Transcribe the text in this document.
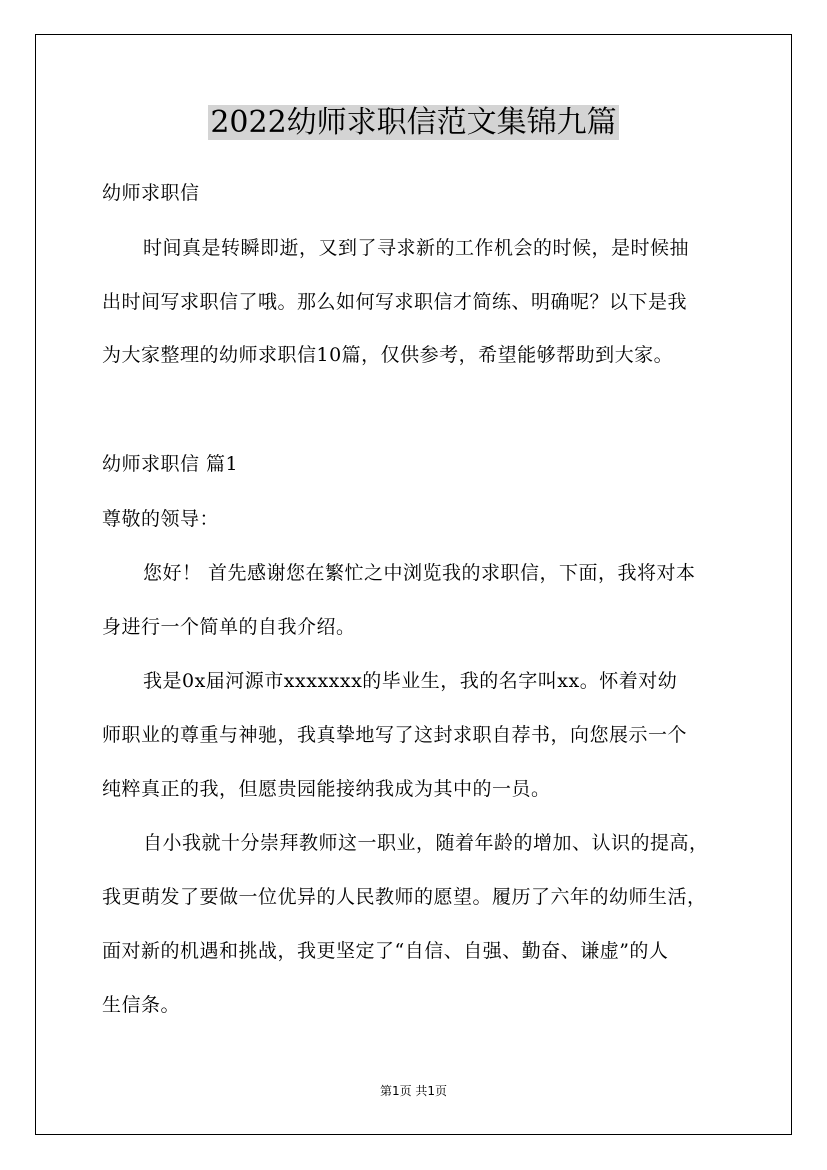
2022幼师求职信范文集锦九篇

幼师求职信

时间真是转瞬即逝，又到了寻求新的工作机会的时候，是时候抽

出时间写求职信了哦。那么如何写求职信才简练、明确呢？以下是我

为大家整理的幼师求职信10篇，仅供参考，希望能够帮助到大家。

幼师求职信 篇1

尊敬的领导：

您好！ 首先感谢您在繁忙之中浏览我的求职信，下面，我将对本

身进行一个简单的自我介绍。

我是0x届河源市xxxxxxx的毕业生，我的名字叫xx。怀着对幼

师职业的尊重与神驰，我真挚地写了这封求职自荐书，向您展示一个

纯粹真正的我，但愿贵园能接纳我成为其中的一员。

自小我就十分崇拜教师这一职业，随着年龄的增加、认识的提高，

我更萌发了要做一位优异的人民教师的愿望。履历了六年的幼师生活，

面对新的机遇和挑战，我更坚定了“自信、自强、勤奋、谦虚”的人

生信条。

第1页 共1页
